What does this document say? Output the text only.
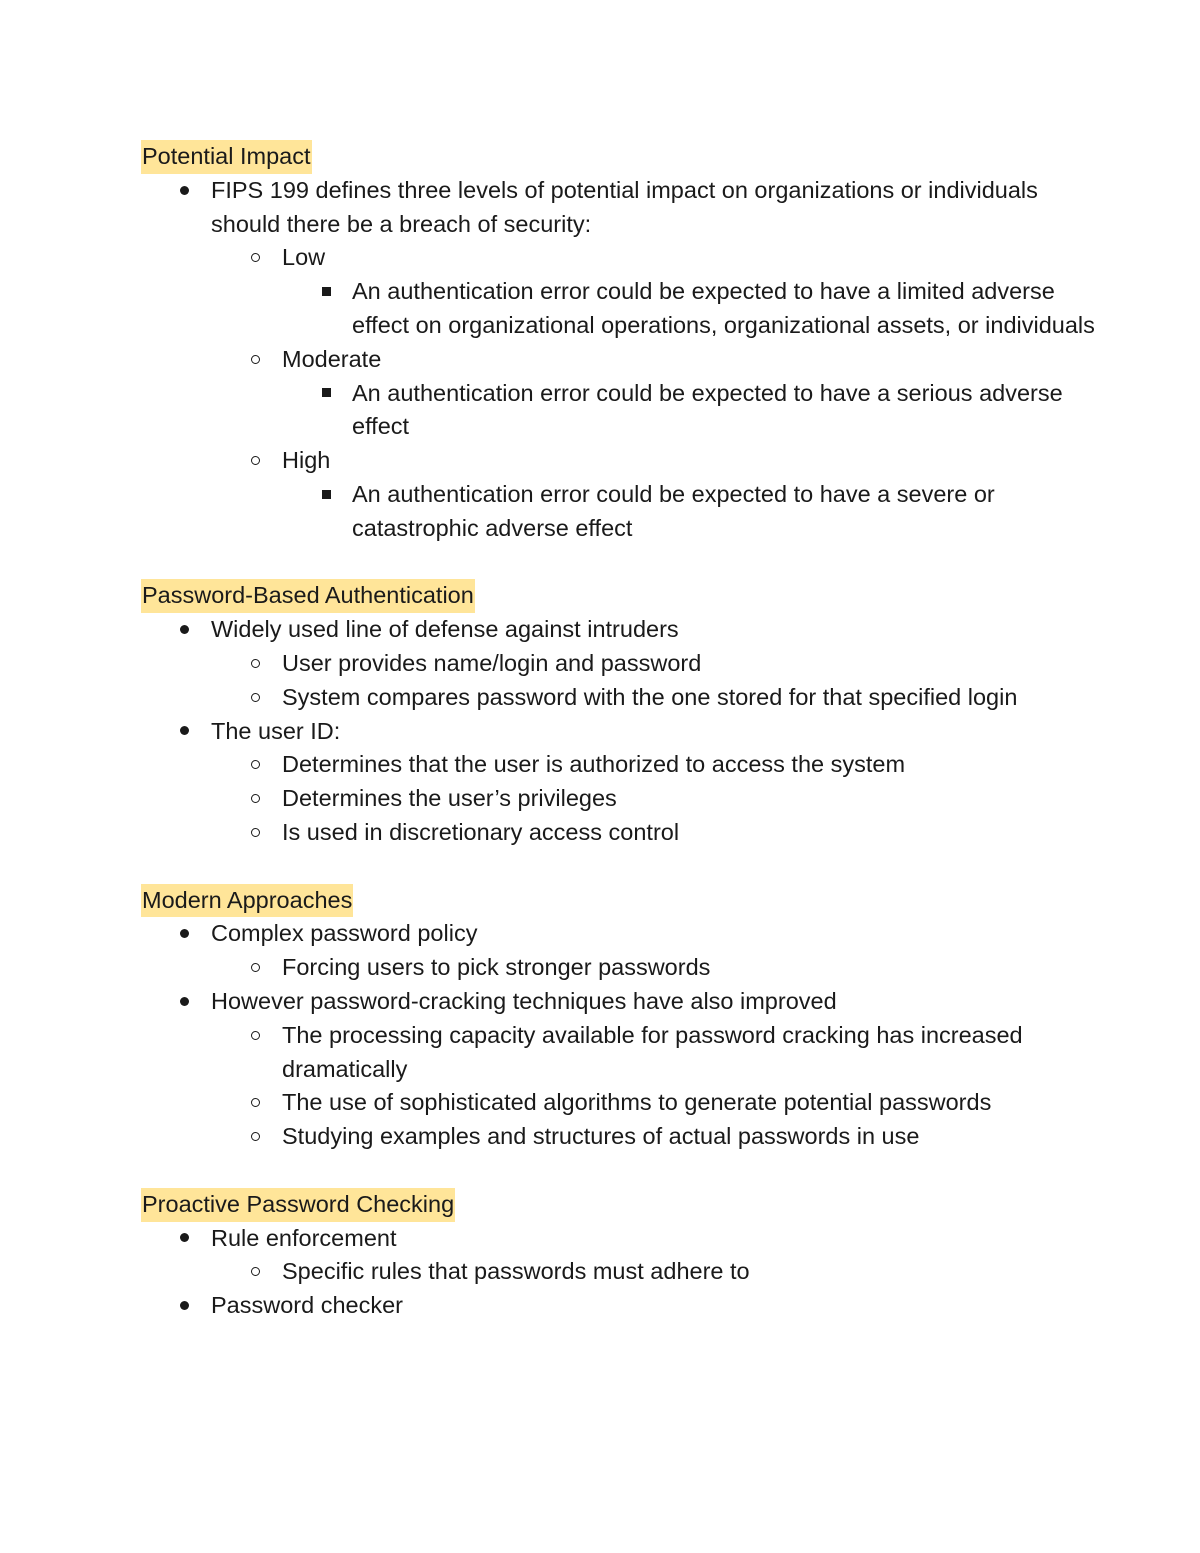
Potential Impact
FIPS 199 defines three levels of potential impact on organizations or individuals should there be a breach of security:
Low
An authentication error could be expected to have a limited adverse effect on organizational operations, organizational assets, or individuals
Moderate
An authentication error could be expected to have a serious adverse effect
High
An authentication error could be expected to have a severe or catastrophic adverse effect
Password-Based Authentication
Widely used line of defense against intruders
User provides name/login and password
System compares password with the one stored for that specified login
The user ID:
Determines that the user is authorized to access the system
Determines the user’s privileges
Is used in discretionary access control
Modern Approaches
Complex password policy
Forcing users to pick stronger passwords
However password-cracking techniques have also improved
The processing capacity available for password cracking has increased dramatically
The use of sophisticated algorithms to generate potential passwords
Studying examples and structures of actual passwords in use
Proactive Password Checking
Rule enforcement
Specific rules that passwords must adhere to
Password checker
